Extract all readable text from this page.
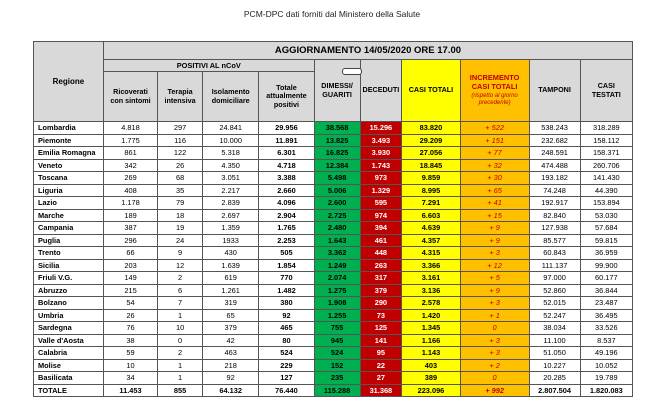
PCM-DPC dati forniti dal Ministero della Salute
Regione	AGGIORNAMENTO 14/05/2020 ORE 17.00									
	POSITIVI AL nCoV				DIMESSI/ GUARITI	DECEDUTI	CASI TOTALI	INCREMENTO CASI TOTALI
(rispetto al giorno precedente)	TAMPONI	CASI TESTATI
	Ricoverati con sintomi	Terapia intensiva	Isolamento domiciliare	Totale attualmente positivi						
Lombardia	4.818	297	24.841	29.956	38.568	15.296	83.820	+ 522	538.243	318.289
Piemonte	1.775	116	10.000	11.891	13.825	3.493	29.209	+ 151	232.682	158.112
Emilia Romagna	861	122	5.318	6.301	16.825	3.930	27.056	+ 77	248.591	158.371
Veneto	342	26	4.350	4.718	12.384	1.743	18.845	+ 32	474.488	260.706
Toscana	269	68	3.051	3.388	5.498	973	9.859	+ 30	193.182	141.430
Liguria	408	35	2.217	2.660	5.006	1.329	8.995	+ 65	74.248	44.390
Lazio	1.178	79	2.839	4.096	2.600	595	7.291	+ 41	192.917	153.894
Marche	189	18	2.697	2.904	2.725	974	6.603	+ 15	82.840	53.030
Campania	387	19	1.359	1.765	2.480	394	4.639	+ 9	127.938	57.684
Puglia	296	24	1933	2.253	1.643	461	4.357	+ 9	85.577	59.815
Trento	66	9	430	505	3.362	448	4.315	+ 3	60.843	36.959
Sicilia	203	12	1.639	1.854	1.249	263	3.366	+ 12	111.137	99.900
Friuli V.G.	149	2	619	770	2.074	317	3.161	+ 5	97.000	60.177
Abruzzo	215	6	1.261	1.482	1.275	379	3.136	+ 9	52.860	36.844
Bolzano	54	7	319	380	1.908	290	2.578	+ 3	52.015	23.487
Umbria	26	1	65	92	1.255	73	1.420	+ 1	52.247	36.495
Sardegna	76	10	379	465	755	125	1.345	0	38.034	33.526
Valle d'Aosta	38	0	42	80	945	141	1.166	+ 3	11.100	8.537
Calabria	59	2	463	524	524	95	1.143	+ 3	51.050	49.196
Molise	10	1	218	229	152	22	403	+ 2	10.227	10.052
Basilicata	34	1	92	127	235	27	389	0	20.285	19.789
TOTALE	11.453	855	64.132	76.440	115.288	31.368	223.096	+ 992	2.807.504	1.820.083
